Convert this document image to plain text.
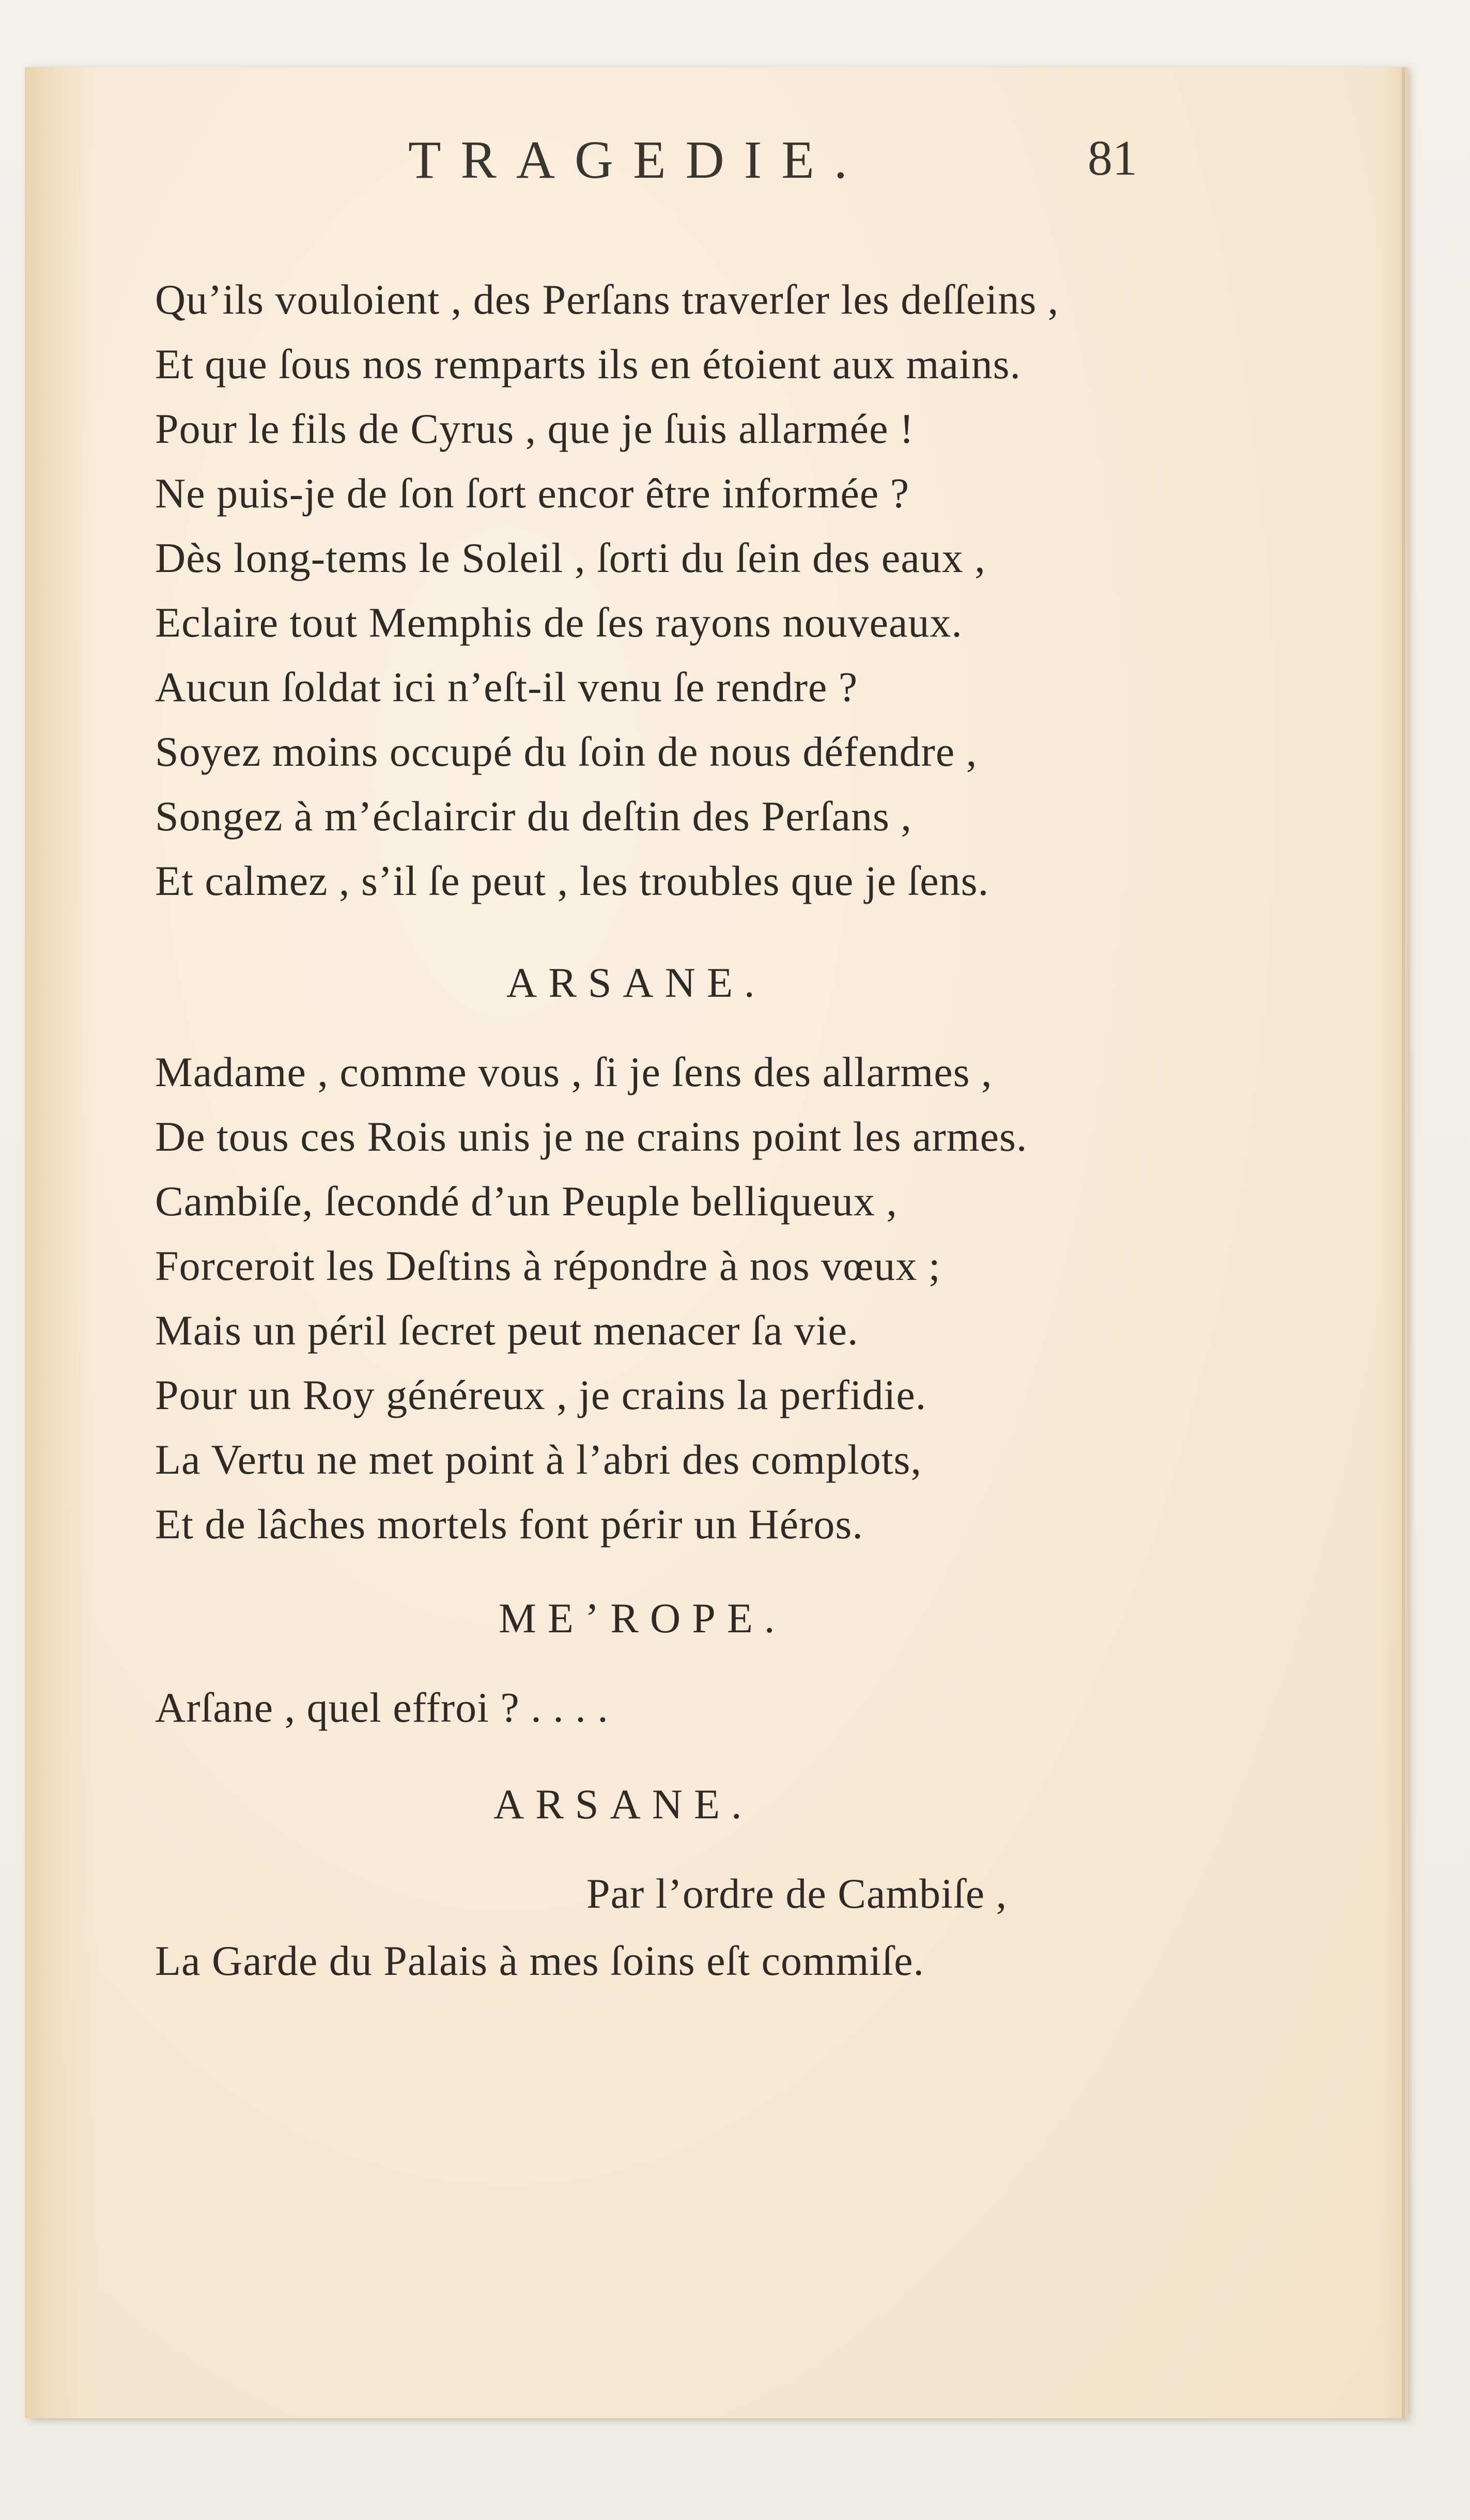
TRAGEDIE.	81
Qu’ils vouloient , des Perſans traverſer les deſſeins ,
Et que ſous nos remparts ils en étoient aux mains.
Pour le fils de Cyrus , que je ſuis allarmée !
Ne puis-je de ſon ſort encor être informée ?
Dès long-tems le Soleil , ſorti du ſein des eaux ,
Eclaire tout Memphis de ſes rayons nouveaux.
Aucun ſoldat ici n’eſt-il venu ſe rendre ?
Soyez moins occupé du ſoin de nous défendre ,
Songez à m’éclaircir du deſtin des Perſans ,
Et calmez , s’il ſe peut , les troubles que je ſens.
ARSANE.
Madame , comme vous , ſi je ſens des allarmes ,
De tous ces Rois unis je ne crains point les armes.
Cambiſe, ſecondé d’un Peuple belliqueux ,
Forceroit les Deſtins à répondre à nos vœux ;
Mais un péril ſecret peut menacer ſa vie.
Pour un Roy généreux , je crains la perfidie.
La Vertu ne met point à l’abri des complots,
Et de lâches mortels font périr un Héros.
ME’ROPE.
Arſane , quel effroi ? . . . .
ARSANE.
Par l’ordre de Cambiſe ,
La Garde du Palais à mes ſoins eſt commiſe.
